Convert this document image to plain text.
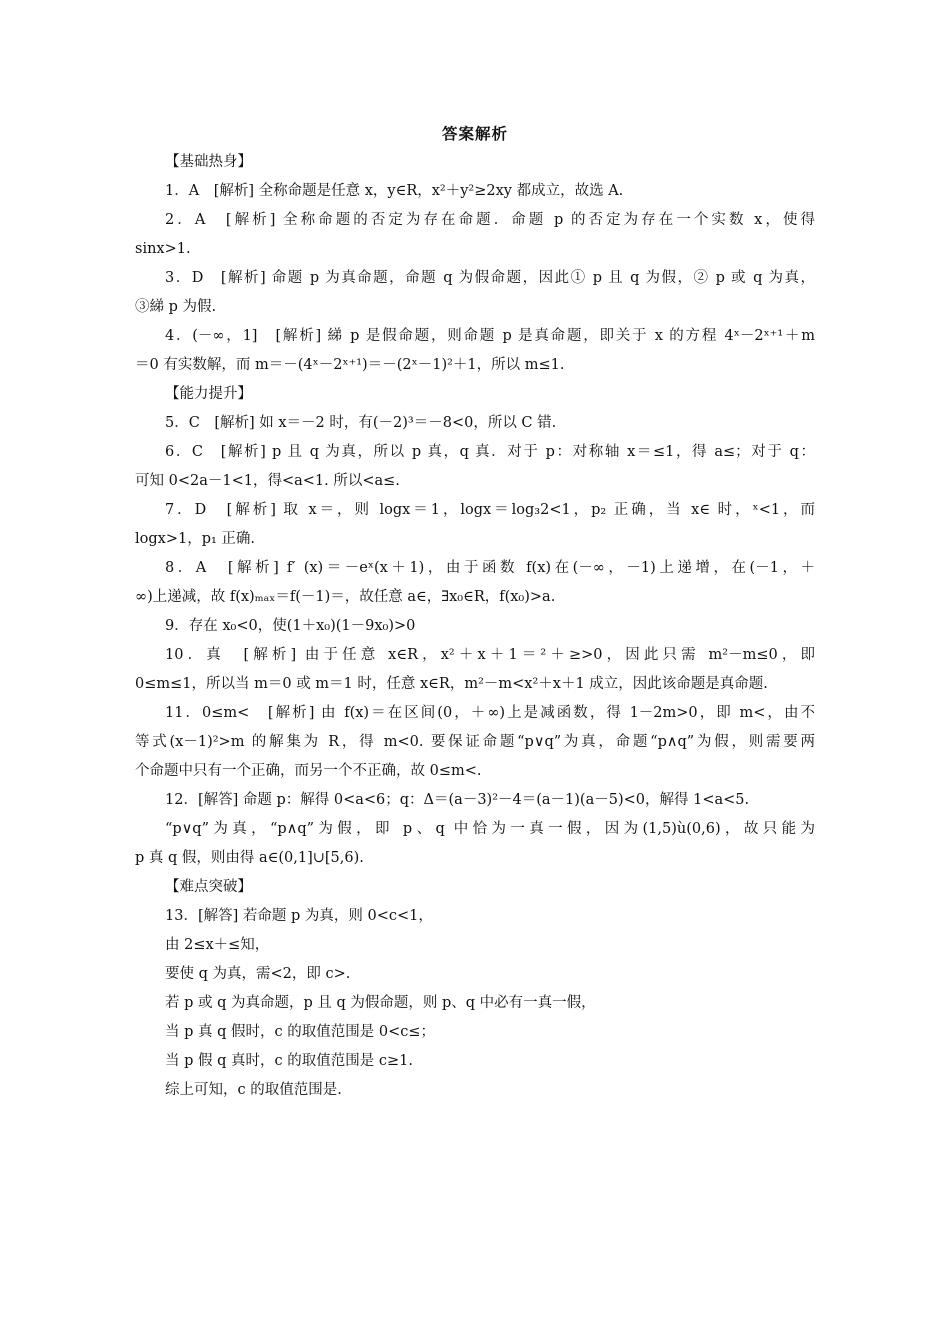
答案解析
【基础热身】
1．A　[解析] 全称命题是任意 x，y∈R，x²＋y²≥2xy 都成立，故选 A.
2．A　[解析] 全称命题的否定为存在命题．命题 p 的否定为存在一个实数 x，使得
sinx>1.
3．D　[解析] 命题 p 为真命题，命题 q 为假命题，因此① p 且 q 为假，② p 或 q 为真，
③綈 p 为假.
4．(－∞，1]　[解析] 綈 p 是假命题，则命题 p 是真命题，即关于 x 的方程 4ˣ－2ˣ⁺¹＋m
＝0 有实数解，而 m＝－(4ˣ－2ˣ⁺¹)＝－(2ˣ－1)²＋1，所以 m≤1.
【能力提升】
5．C　[解析] 如 x＝－2 时，有(－2)³＝－8<0，所以 C 错.
6．C　[解析] p 且 q 为真，所以 p 真，q 真．对于 p：对称轴 x＝≤1，得 a≤；对于 q：
可知 0<2a－1<1，得<a<1. 所以<a≤.
7．D　[解析] 取 x＝，则 logx＝1，logx＝log₃2<1，p₂ 正确，当 x∈ 时，ˣ<1，而
logx>1，p₁ 正确.
8．A　[解析] f′ (x)＝－eˣ(x＋1)，由于函数 f(x)在(－∞，－1)上递增，在(－1，＋
∞)上递减，故 f(x)ₘₐₓ＝f(－1)＝，故任意 a∈，∃x₀∈R，f(x₀)>a.
9．存在 x₀<0，使(1＋x₀)(1－9x₀)>0
10．真　[解析] 由于任意 x∈R，x²＋x＋1＝²＋≥>0，因此只需 m²－m≤0，即
0≤m≤1，所以当 m＝0 或 m＝1 时，任意 x∈R，m²－m<x²＋x＋1 成立，因此该命题是真命题.
11．0≤m<　[解析] 由 f(x)＝在区间(0，＋∞)上是减函数，得 1－2m>0，即 m<，由不
等式(x－1)²>m 的解集为 R，得 m<0. 要保证命题“p∨q”为真，命题“p∧q”为假，则需要两
个命题中只有一个正确，而另一个不正确，故 0≤m<.
12．[解答] 命题 p：解得 0<a<6；q：Δ＝(a－3)²－4＝(a－1)(a－5)<0，解得 1<a<5.
“p∨q”为真，“p∧q”为假，即 p、q 中恰为一真一假，因为(1,5)ù(0,6)，故只能为
p 真 q 假，则由得 a∈(0,1]∪[5,6).
【难点突破】
13．[解答] 若命题 p 为真，则 0<c<1，
由 2≤x＋≤知，
要使 q 为真，需<2，即 c>.
若 p 或 q 为真命题，p 且 q 为假命题，则 p、q 中必有一真一假，
当 p 真 q 假时，c 的取值范围是 0<c≤；
当 p 假 q 真时，c 的取值范围是 c≥1.
综上可知，c 的取值范围是.
